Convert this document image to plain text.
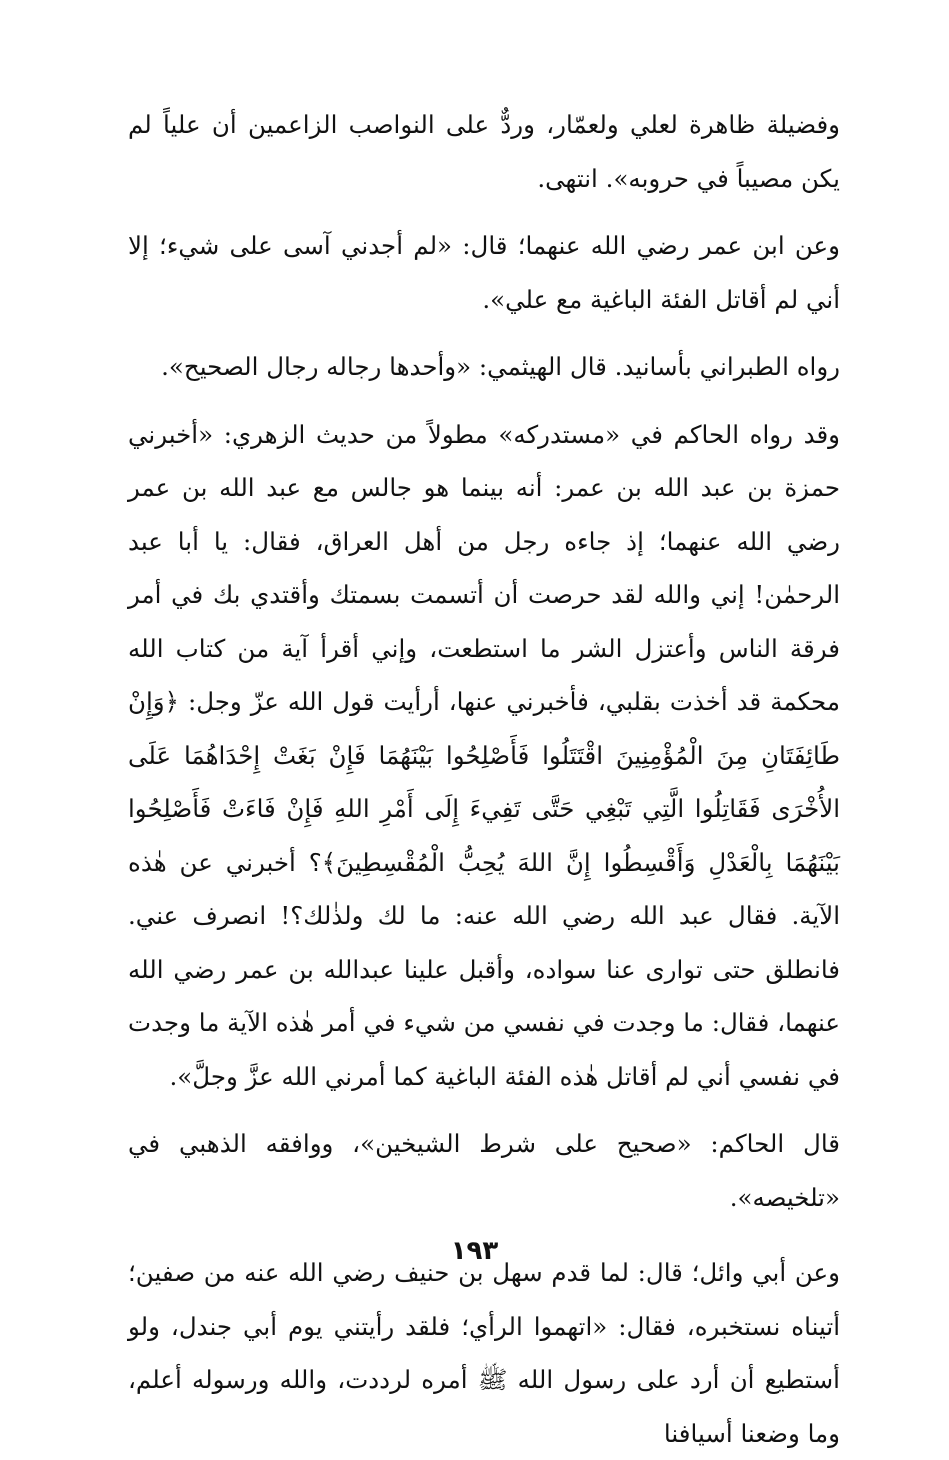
وفضيلة ظاهرة لعلي ولعمّار، وردٌّ على النواصب الزاعمين أن علياً لم يكن مصيباً في حروبه». انتهى.

وعن ابن عمر رضي الله عنهما؛ قال: «لم أجدني آسى على شيء؛ إلا أني لم أقاتل الفئة الباغية مع علي».

رواه الطبراني بأسانيد. قال الهيثمي: «وأحدها رجاله رجال الصحيح».

وقد رواه الحاكم في «مستدركه» مطولاً من حديث الزهري: «أخبرني حمزة بن عبد الله بن عمر: أنه بينما هو جالس مع عبد الله بن عمر رضي الله عنهما؛ إذ جاءه رجل من أهل العراق، فقال: يا أبا عبد الرحمٰن! إني والله لقد حرصت أن أتسمت بسمتك وأقتدي بك في أمر فرقة الناس وأعتزل الشر ما استطعت، وإني أقرأ آية من كتاب الله محكمة قد أخذت بقلبي، فأخبرني عنها، أرأيت قول الله عزّ وجل: ﴿وَإِنْ طَائِفَتَانِ مِنَ الْمُؤْمِنِينَ اقْتَتَلُوا فَأَصْلِحُوا بَيْنَهُمَا فَإِنْ بَغَتْ إِحْدَاهُمَا عَلَى الأُخْرَى فَقَاتِلُوا الَّتِي تَبْغِي حَتَّى تَفِيءَ إِلَى أَمْرِ اللهِ فَإِنْ فَاءَتْ فَأَصْلِحُوا بَيْنَهُمَا بِالْعَدْلِ وَأَقْسِطُوا إِنَّ اللهَ يُحِبُّ الْمُقْسِطِينَ﴾؟ أخبرني عن هٰذه الآية. فقال عبد الله رضي الله عنه: ما لك ولذٰلك؟! انصرف عني. فانطلق حتى توارى عنا سواده، وأقبل علينا عبدالله بن عمر رضي الله عنهما، فقال: ما وجدت في نفسي من شيء في أمر هٰذه الآية ما وجدت في نفسي أني لم أقاتل هٰذه الفئة الباغية كما أمرني الله عزَّ وجلَّ».

قال الحاكم: «صحيح على شرط الشيخين»، ووافقه الذهبي في «تلخيصه».

وعن أبي وائل؛ قال: لما قدم سهل بن حنيف رضي الله عنه من صفين؛ أتيناه نستخبره، فقال: «اتهموا الرأي؛ فلقد رأيتني يوم أبي جندل، ولو أستطيع أن أرد على رسول الله ﷺ أمره لرددت، والله ورسوله أعلم، وما وضعنا أسيافنا

١٩٣
